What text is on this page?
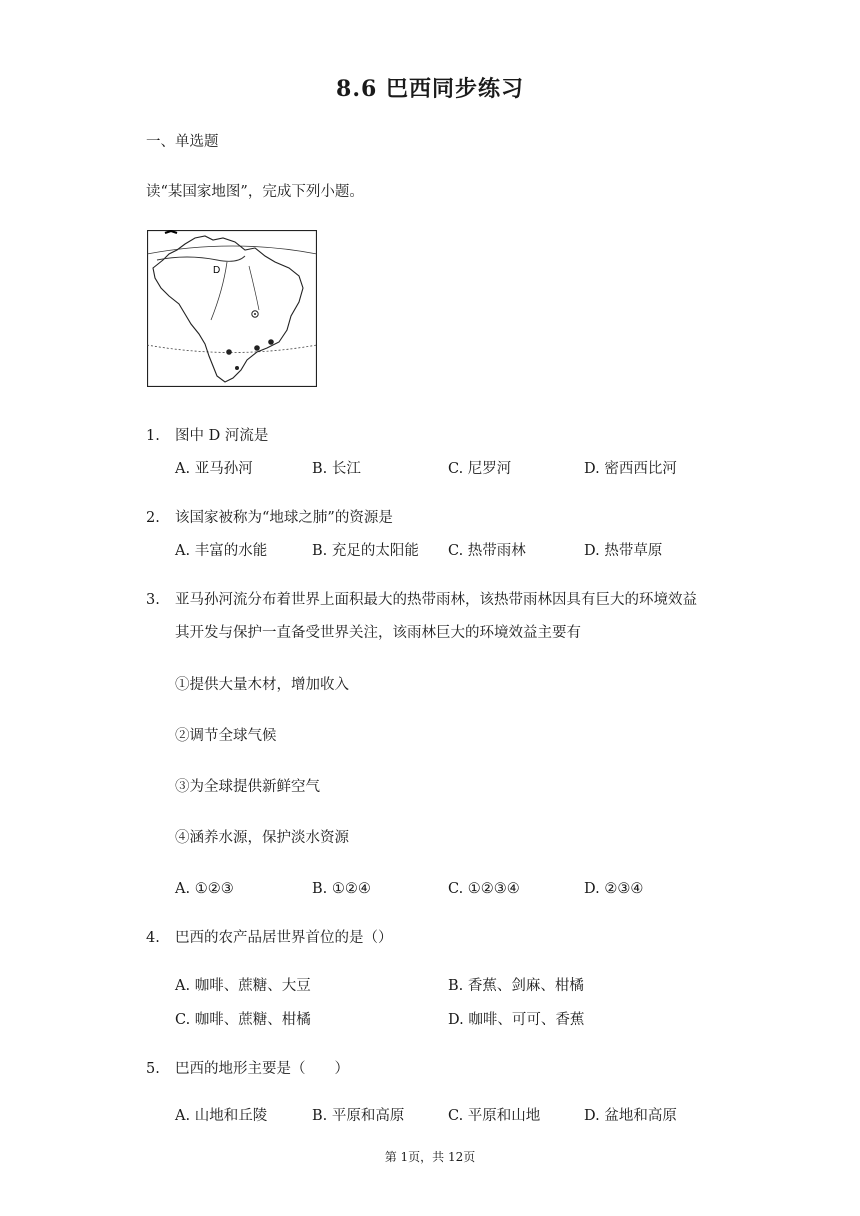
8.6 巴西同步练习
一、单选题
读“某国家地图”，完成下列小题。
D
1. 图中 D 河流是
A. 亚马孙河	B. 长江	C. 尼罗河	D. 密西西比河
2. 该国家被称为“地球之肺”的资源是
A. 丰富的水能	B. 充足的太阳能 C. 热带雨林	D. 热带草原
3. 亚马孙河流分布着世界上面积最大的热带雨林，该热带雨林因具有巨大的环境效益
其开发与保护一直备受世界关注，该雨林巨大的环境效益主要有
①提供大量木材，增加收入
②调节全球气候
③为全球提供新鲜空气
④涵养水源，保护淡水资源
A. ①②③	B. ①②④	C. ①②③④	D. ②③④
4. 巴西的农产品居世界首位的是（）
A. 咖啡、蔗糖、大豆	B. 香蕉、剑麻、柑橘
C. 咖啡、蔗糖、柑橘	D. 咖啡、可可、香蕉
5. 巴西的地形主要是（　　）
A. 山地和丘陵	B. 平原和高原	C. 平原和山地	D. 盆地和高原
第 1页，共 12页
